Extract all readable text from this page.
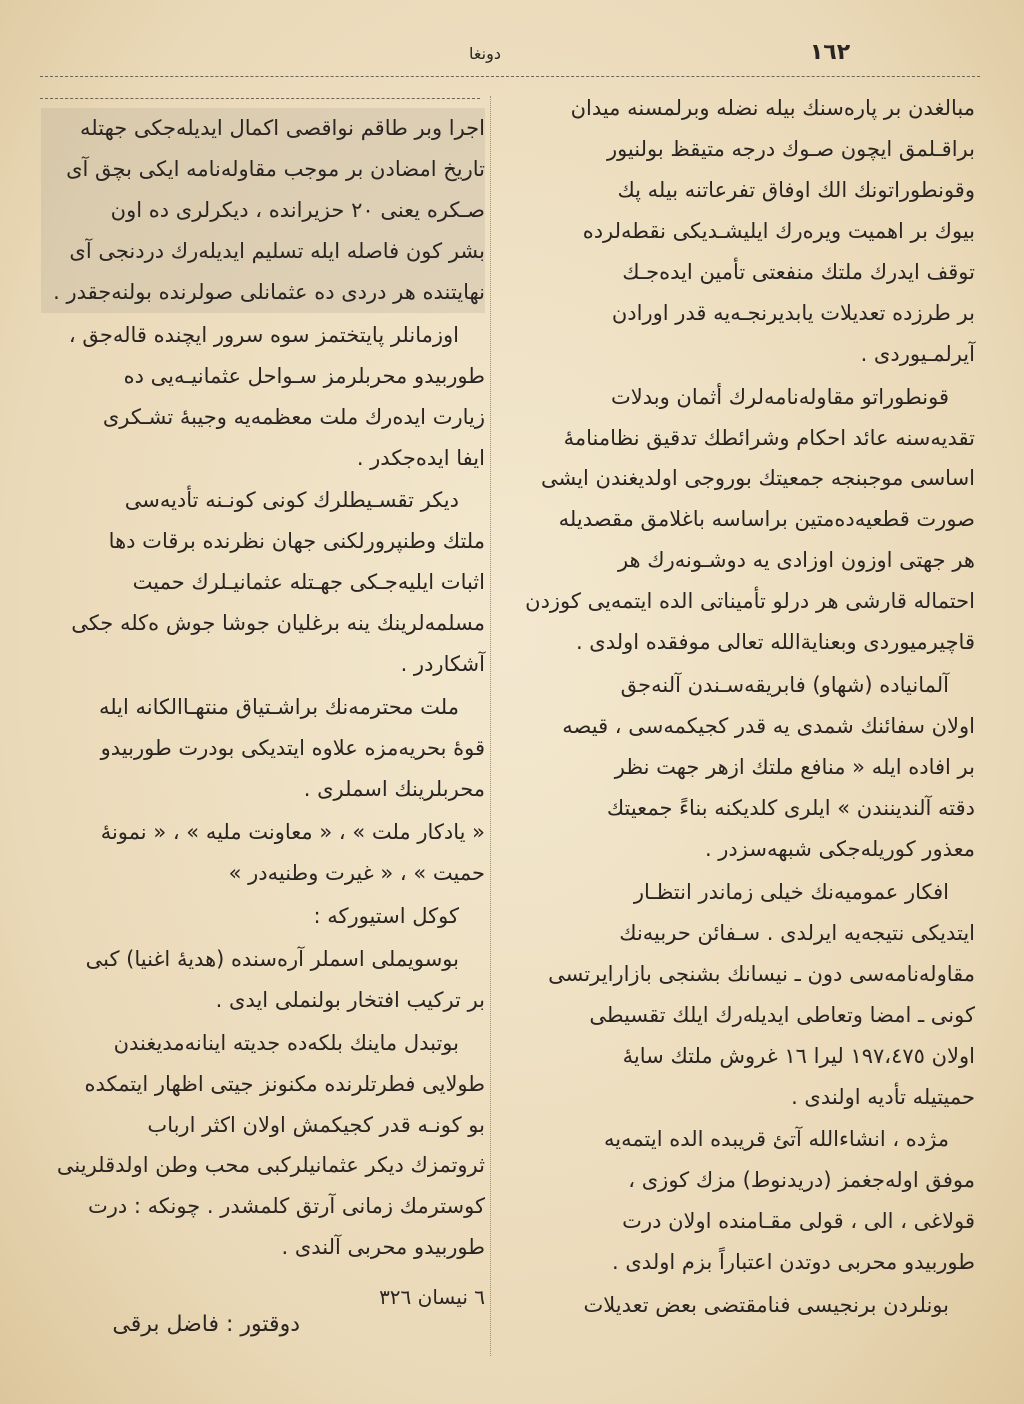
١٦٢
دونغا

مبالغدن بر پارەسنك بيلە نضلە وبرلمسنه ميدان
براقـلمق ايچون صـوك درجە متيقظ بولنيور
وقونطوراتونك الك اوفاق تفرعاتنە بيلە پك
بيوك بر اهميت ويرەرك ايليشـديكى نقطەلردە
توقف ايدرك ملتك منفعتى تأمين ايدەجـك
بر طرزدە تعديلات يابديرنجـەيە قدر اورادن
آيرلمـيوردى .

قونطوراتو مقاولەنامەلرك أثمان وبدلات
تقديەسنە عائد احكام وشرائطك تدقيق نظامنامۀ
اساسى موجبنجە جمعيتك بوروجى اولديغندن ايشى
صورت قطعيەدەمتين براساسە باغلامق مقصديلە
هر جهتى اوزون اوزادى يە دوشـونەرك هر
احتمالە قارشى هر درلو تأميناتى الدە ايتمەيى كوزدن
قاچيرميوردى وبعنايةالله تعالى موفقدە اولدى .

آلمانيادە (شهاو) فابريقەسـندن آلنەجق
اولان سفائنك شمدى يە قدر كجيكمەسى ، قيصە
بر افادە ايلە « منافع ملتك ازهر جهت نظر
دقتە آلندينندن » ايلرى كلديكنە بناءً جمعيتك
معذور كوريلەجكى شبهەسزدر .

افكار عموميەنك خيلى زماندر انتظـار
ايتديكى نتيجەيە ايرلدى . سـفائن حربيەنك
مقاولەنامەسى دون ـ نيسانك بشنجى بازارايرتسى
كونى ـ امضا وتعاطى ايديلەرك ايلك تقسيطى
اولان ١٩٧،٤٧٥ ليرا ١٦ غروش ملتك سايۀ
حميتيلە تأديە اولندى .

مژدە ، انشاءالله آتئ قريبدە الدە ايتمەيە
موفق اولەجغمز (دريدنوط) مزك كوزى ،
قولاغى ، الى ، قولى مقـامندە اولان درت
طوربيدو محربى دوتدن اعتباراً بزم اولدى .

بونلردن برنجيسى فنامقتضى بعض تعديلات

اجرا وبر طاقم نواقصى اكمال ايديلەجكى جهتلە
تاريخ امضادن بر موجب مقاولەنامە ايكى بچق آى
صـكرە يعنى ٢٠ حزيرانده ، ديكرلرى دە اون
بشر كون فاصلە ايلە تسليم ايديلەرك دردنجى آى
نهايتندە هر دردى دە عثمانلى صولرندە بولنەجقدر .

اوزمانلر پايتختمز سوە سرور ايچندە قالەجق ،
طوربيدو محربلرمز سـواحل عثمانيـەيى دە
زيارت ايدەرك ملت معظمەيە وجيبۀ تشـكرى
ايفا ايدەجكدر .

ديكر تقسـيطلرك كونى كونـنە تأديەسى
ملتك وطنپرورلكنى جهان نظرندە برقات دها
اثبات ايليەجـكى جهـتلە عثمانيـلرك حميت
مسلمەلرينك ينە برغليان جوشا جوش ەكلە جكى
آشكاردر .

ملت محترمەنك براشـتياق منتهـاالكانە ايلە
قوۀ بحريەمزە علاوە ايتديكى بودرت طوربيدو
محربلرينك اسملرى .

« يادكار ملت » ، « معاونت مليە » ، « نمونۀ
حميت » ، « غيرت وطنيەدر »

كوكل استيوركە :

بوسويملى اسملر آرەسندە (هديۀ اغنيا) كبى
بر تركيب افتخار بولنملى ايدى .

بوتبدل ماينك بلكەدە جديتە اينانەمديغندن
طولايى فطرتلرندە مكنونز جيتى اظهار ايتمكدە
بو كونـە قدر كجيكمش اولان اكثر ارباب
ثروتمزك ديكر عثمانيلركبى محب وطن اولدقلرينى
كوسترمك زمانى آرتق كلمشدر . چونكە : درت
طوربيدو محربى آلندى .

٦ نيسان ٣٢٦
دوقتور : فاضل برقى
